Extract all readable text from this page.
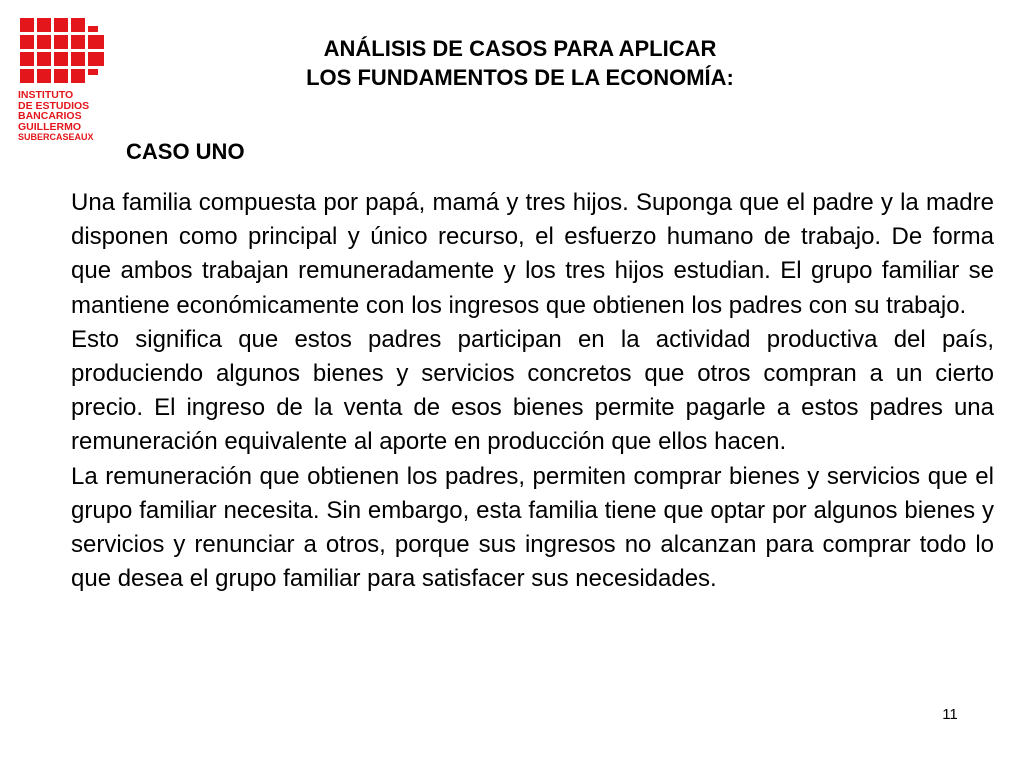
INSTITUTO
DE ESTUDIOS
BANCARIOS
GUILLERMO
SUBERCASEAUX
ANÁLISIS DE CASOS PARA APLICAR
LOS FUNDAMENTOS DE LA ECONOMÍA:
CASO UNO

Una familia compuesta por papá, mamá y tres hijos. Suponga que el padre y la madre disponen como principal y único recurso, el esfuerzo humano de trabajo. De forma que ambos trabajan remuneradamente y los tres hijos estudian. El grupo familiar se mantiene económicamente con los ingresos que obtienen los padres con su trabajo.

Esto significa que estos padres participan en la actividad productiva del país, produciendo algunos bienes y servicios concretos que otros compran a un cierto precio. El ingreso de la venta de esos bienes permite pagarle a estos padres una remuneración equivalente al aporte en producción que ellos hacen.

La remuneración que obtienen los padres, permiten comprar bienes y servicios que el grupo familiar necesita. Sin embargo, esta familia tiene que optar por algunos bienes y servicios y renunciar a otros, porque sus ingresos no alcanzan para comprar todo lo que desea el grupo familiar para satisfacer sus necesidades.

11
